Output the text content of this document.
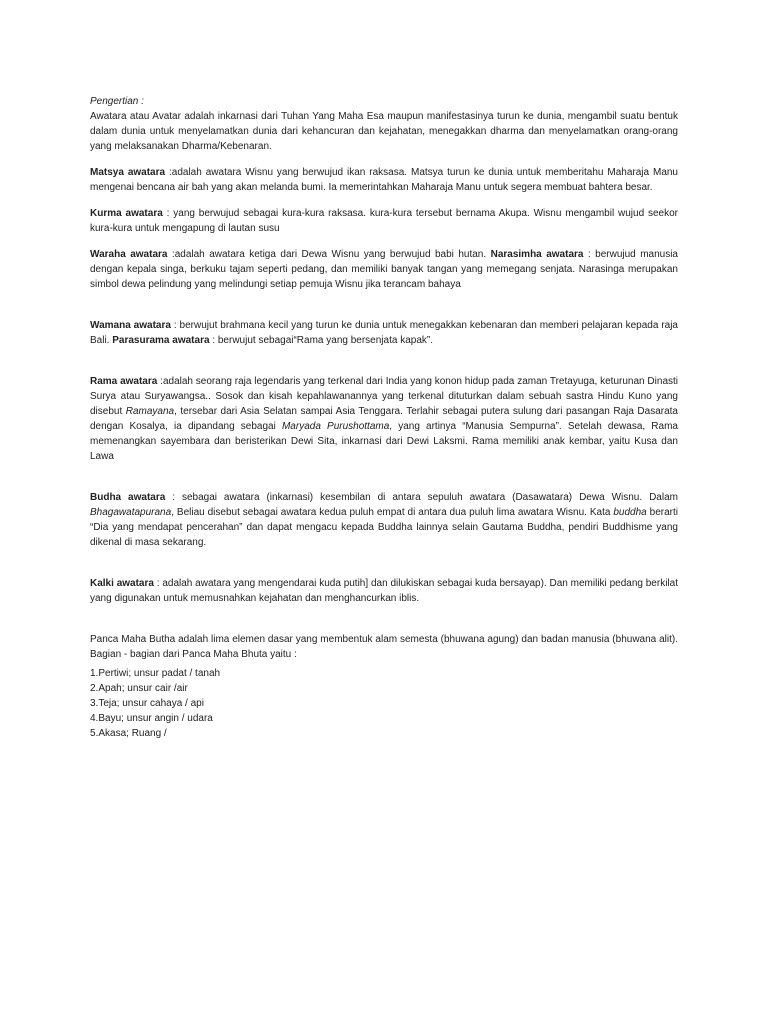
Pengertian :

Awatara atau Avatar adalah inkarnasi dari Tuhan Yang Maha Esa maupun manifestasinya turun ke dunia, mengambil suatu bentuk dalam dunia untuk menyelamatkan dunia dari kehancuran dan kejahatan, menegakkan dharma dan menyelamatkan orang-orang yang melaksanakan Dharma/Kebenaran.

Matsya awatara :adalah awatara Wisnu yang berwujud ikan raksasa. Matsya turun ke dunia untuk memberitahu Maharaja Manu mengenai bencana air bah yang akan melanda bumi. Ia memerintahkan Maharaja Manu untuk segera membuat bahtera besar.

Kurma awatara : yang berwujud sebagai kura-kura raksasa. kura-kura tersebut bernama Akupa. Wisnu mengambil wujud seekor kura-kura untuk mengapung di lautan susu

Waraha awatara :adalah awatara ketiga dari Dewa Wisnu yang berwujud babi hutan. Narasimha awatara : berwujud manusia dengan kepala singa, berkuku tajam seperti pedang, dan memiliki banyak tangan yang memegang senjata. Narasinga merupakan simbol dewa pelindung yang melindungi setiap pemuja Wisnu jika terancam bahaya

Wamana awatara : berwujut brahmana kecil yang turun ke dunia untuk menegakkan kebenaran dan memberi pelajaran kepada raja Bali. Parasurama awatara : berwujut sebagai“Rama yang bersenjata kapak”.

Rama awatara :adalah seorang raja legendaris yang terkenal dari India yang konon hidup pada zaman Tretayuga, keturunan Dinasti Surya atau Suryawangsa.. Sosok dan kisah kepahlawanannya yang terkenal dituturkan dalam sebuah sastra Hindu Kuno yang disebut Ramayana, tersebar dari Asia Selatan sampai Asia Tenggara. Terlahir sebagai putera sulung dari pasangan Raja Dasarata dengan Kosalya, ia dipandang sebagai Maryada Purushottama, yang artinya “Manusia Sempurna”. Setelah dewasa, Rama memenangkan sayembara dan beristerikan Dewi Sita, inkarnasi dari Dewi Laksmi. Rama memiliki anak kembar, yaitu Kusa dan Lawa

Budha awatara : sebagai awatara (inkarnasi) kesembilan di antara sepuluh awatara (Dasawatara) Dewa Wisnu. Dalam Bhagawatapurana, Beliau disebut sebagai awatara kedua puluh empat di antara dua puluh lima awatara Wisnu. Kata buddha berarti “Dia yang mendapat pencerahan” dan dapat mengacu kepada Buddha lainnya selain Gautama Buddha, pendiri Buddhisme yang dikenal di masa sekarang.

Kalki awatara : adalah awatara yang mengendarai kuda putih] dan dilukiskan sebagai kuda bersayap). Dan memiliki pedang berkilat yang digunakan untuk memusnahkan kejahatan dan menghancurkan iblis.

Panca Maha Butha adalah lima elemen dasar yang membentuk alam semesta (bhuwana agung) dan badan manusia (bhuwana alit). Bagian - bagian dari Panca Maha Bhuta yaitu :

1.Pertiwi; unsur padat / tanah
2.Apah; unsur cair /air
3.Teja; unsur cahaya / api
4.Bayu; unsur angin / udara
5.Akasa; Ruang /
